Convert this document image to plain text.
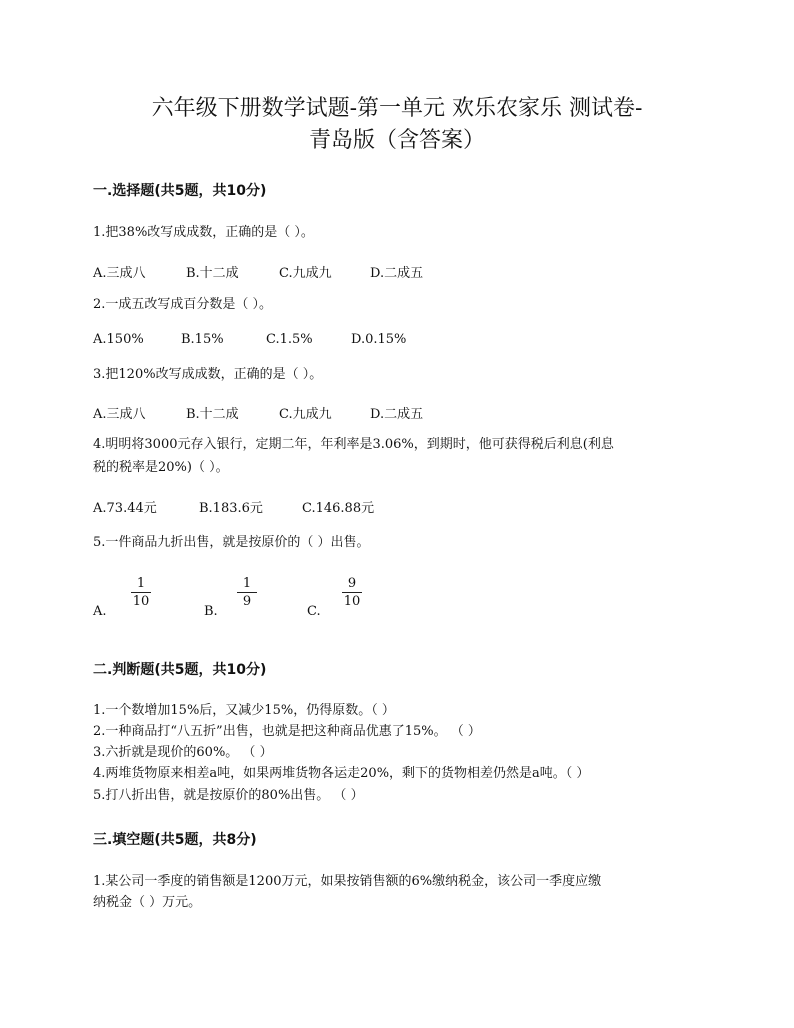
六年级下册数学试题-第一单元 欢乐农家乐 测试卷-
青岛版（含答案）
一.选择题(共5题，共10分)
1.把38%改写成成数，正确的是（ ）。
A.三成八	B.十二成	C.九成九	D.二成五
2.一成五改写成百分数是（ ）。
A.150%	B.15%	C.1.5%	D.0.15%
3.把120%改写成成数，正确的是（ ）。
A.三成八	B.十二成	C.九成九	D.二成五
4.明明将3000元存入银行，定期二年，年利率是3.06%，到期时，他可获得税后利息(利息
税的税率是20%)（ ）。
A.73.44元	B.183.6元	C.146.88元
5.一件商品九折出售，就是按原价的（ ）出售。
A.
1
10
B.
1
9
C.
9
10
二.判断题(共5题，共10分)
1.一个数增加15%后，又减少15%，仍得原数。（ ）
2.一种商品打“八五折”出售，也就是把这种商品优惠了15%。 （ ）
3.六折就是现价的60%。 （ ）
4.两堆货物原来相差a吨，如果两堆货物各运走20%，剩下的货物相差仍然是a吨。（ ）
5.打八折出售，就是按原价的80%出售。 （ ）
三.填空题(共5题，共8分)
1.某公司一季度的销售额是1200万元，如果按销售额的6%缴纳税金，该公司一季度应缴
纳税金（ ）万元。
